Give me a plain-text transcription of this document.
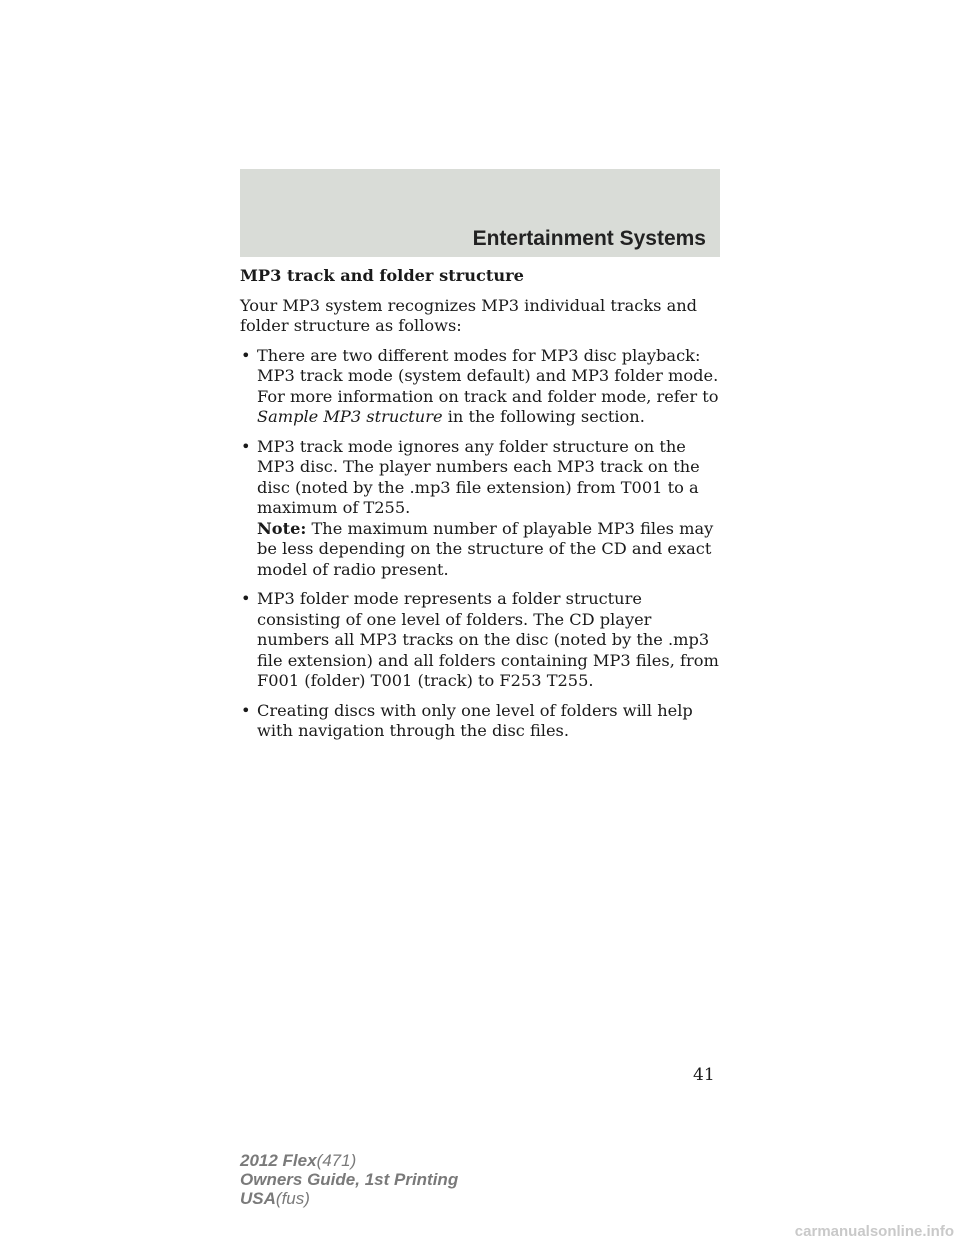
Entertainment Systems
MP3 track and folder structure

Your MP3 system recognizes MP3 individual tracks and folder structure as follows:

• There are two different modes for MP3 disc playback: MP3 track mode (system default) and MP3 folder mode. For more information on track and folder mode, refer to Sample MP3 structure in the following section.
• MP3 track mode ignores any folder structure on the MP3 disc. The player numbers each MP3 track on the disc (noted by the .mp3 file extension) from T001 to a maximum of T255.
Note: The maximum number of playable MP3 files may be less depending on the structure of the CD and exact model of radio present.
• MP3 folder mode represents a folder structure consisting of one level of folders. The CD player numbers all MP3 tracks on the disc (noted by the .mp3 file extension) and all folders containing MP3 files, from F001 (folder) T001 (track) to F253 T255.
• Creating discs with only one level of folders will help with navigation through the disc files.

41

2012 Flex(471)
Owners Guide, 1st Printing
USA(fus)
carmanualsonline.info
